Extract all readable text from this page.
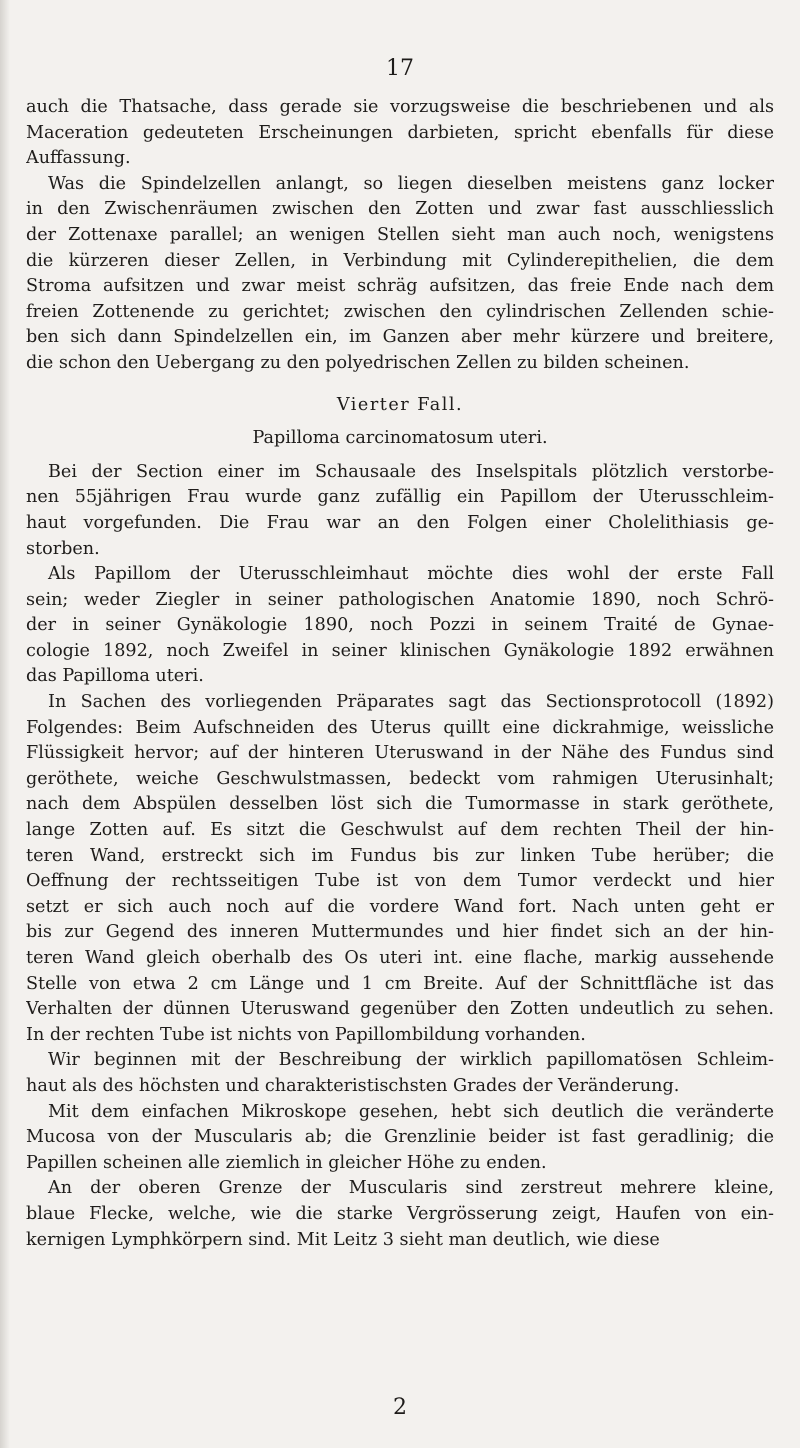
17
auch die Thatsache, dass gerade sie vorzugsweise die beschriebenen und als
Maceration gedeuteten Erscheinungen darbieten, spricht ebenfalls für diese
Auffassung.
Was die Spindelzellen anlangt, so liegen dieselben meistens ganz locker
in den Zwischenräumen zwischen den Zotten und zwar fast ausschliesslich
der Zottenaxe parallel; an wenigen Stellen sieht man auch noch, wenigstens
die kürzeren dieser Zellen, in Verbindung mit Cylinderepithelien, die dem
Stroma aufsitzen und zwar meist schräg aufsitzen, das freie Ende nach dem
freien Zottenende zu gerichtet; zwischen den cylindrischen Zellenden schie-
ben sich dann Spindelzellen ein, im Ganzen aber mehr kürzere und breitere,
die schon den Uebergang zu den polyedrischen Zellen zu bilden scheinen.
Vierter Fall.
Papilloma carcinomatosum uteri.
Bei der Section einer im Schausaale des Inselspitals plötzlich verstorbe-
nen 55jährigen Frau wurde ganz zufällig ein Papillom der Uterusschleim-
haut vorgefunden. Die Frau war an den Folgen einer Cholelithiasis ge-
storben.
Als Papillom der Uterusschleimhaut möchte dies wohl der erste Fall
sein; weder Ziegler in seiner pathologischen Anatomie 1890, noch Schrö-
der in seiner Gynäkologie 1890, noch Pozzi in seinem Traité de Gynae-
cologie 1892, noch Zweifel in seiner klinischen Gynäkologie 1892 erwähnen
das Papilloma uteri.
In Sachen des vorliegenden Präparates sagt das Sectionsprotocoll (1892)
Folgendes: Beim Aufschneiden des Uterus quillt eine dickrahmige, weissliche
Flüssigkeit hervor; auf der hinteren Uteruswand in der Nähe des Fundus sind
geröthete, weiche Geschwulstmassen, bedeckt vom rahmigen Uterusinhalt;
nach dem Abspülen desselben löst sich die Tumormasse in stark geröthete,
lange Zotten auf. Es sitzt die Geschwulst auf dem rechten Theil der hin-
teren Wand, erstreckt sich im Fundus bis zur linken Tube herüber; die
Oeffnung der rechtsseitigen Tube ist von dem Tumor verdeckt und hier
setzt er sich auch noch auf die vordere Wand fort. Nach unten geht er
bis zur Gegend des inneren Muttermundes und hier findet sich an der hin-
teren Wand gleich oberhalb des Os uteri int. eine flache, markig aussehende
Stelle von etwa 2 cm Länge und 1 cm Breite. Auf der Schnittfläche ist das
Verhalten der dünnen Uteruswand gegenüber den Zotten undeutlich zu sehen.
In der rechten Tube ist nichts von Papillombildung vorhanden.
Wir beginnen mit der Beschreibung der wirklich papillomatösen Schleim-
haut als des höchsten und charakteristischsten Grades der Veränderung.
Mit dem einfachen Mikroskope gesehen, hebt sich deutlich die veränderte
Mucosa von der Muscularis ab; die Grenzlinie beider ist fast geradlinig; die
Papillen scheinen alle ziemlich in gleicher Höhe zu enden.
An der oberen Grenze der Muscularis sind zerstreut mehrere kleine,
blaue Flecke, welche, wie die starke Vergrösserung zeigt, Haufen von ein-
kernigen Lymphkörpern sind. Mit Leitz 3 sieht man deutlich, wie diese
2
